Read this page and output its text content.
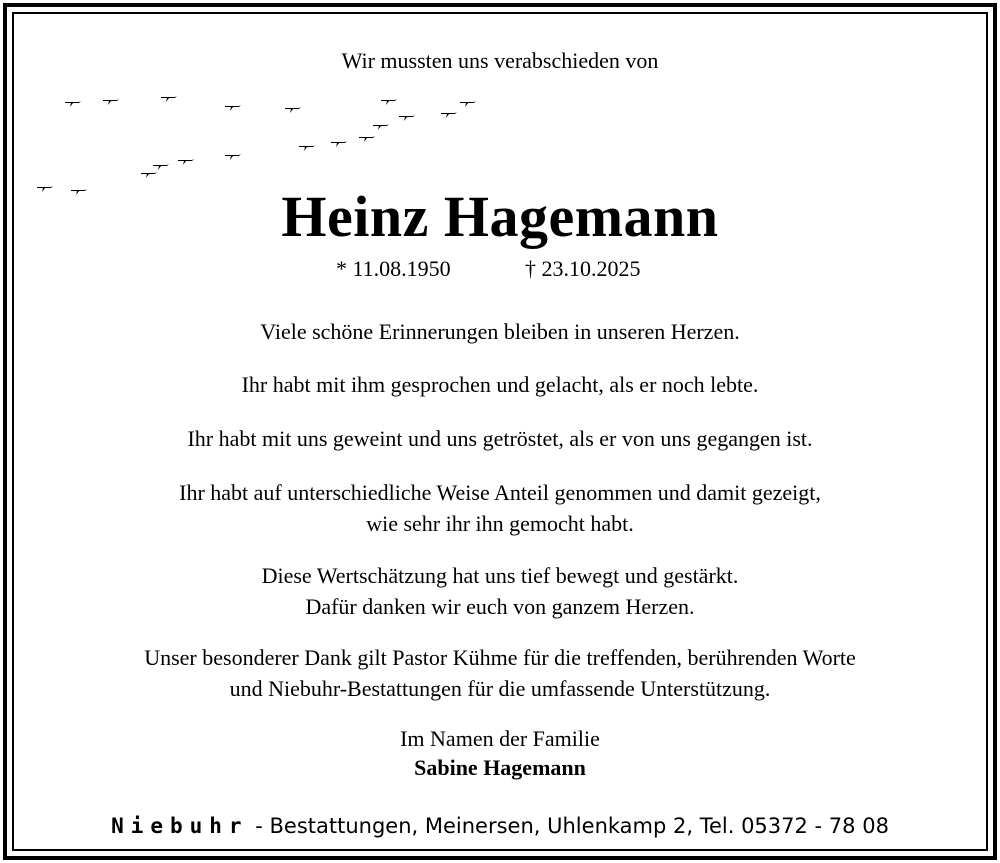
Wir mussten uns verabschieden von
Heinz Hagemann
* 11.08.1950	† 23.10.2025
Viele schöne Erinnerungen bleiben in unseren Herzen.
Ihr habt mit ihm gesprochen und gelacht, als er noch lebte.
Ihr habt mit uns geweint und uns getröstet, als er von uns gegangen ist.
Ihr habt auf unterschiedliche Weise Anteil genommen und damit gezeigt,
wie sehr ihr ihn gemocht habt.
Diese Wertschätzung hat uns tief bewegt und gestärkt.
Dafür danken wir euch von ganzem Herzen.
Unser besonderer Dank gilt Pastor Kühme für die treffenden, berührenden Worte
und Niebuhr-Bestattungen für die umfassende Unterstützung.
Im Namen der Familie
Sabine Hagemann
Niebuhr - Bestattungen, Meinersen, Uhlenkamp 2, Tel. 05372 - 78 08
